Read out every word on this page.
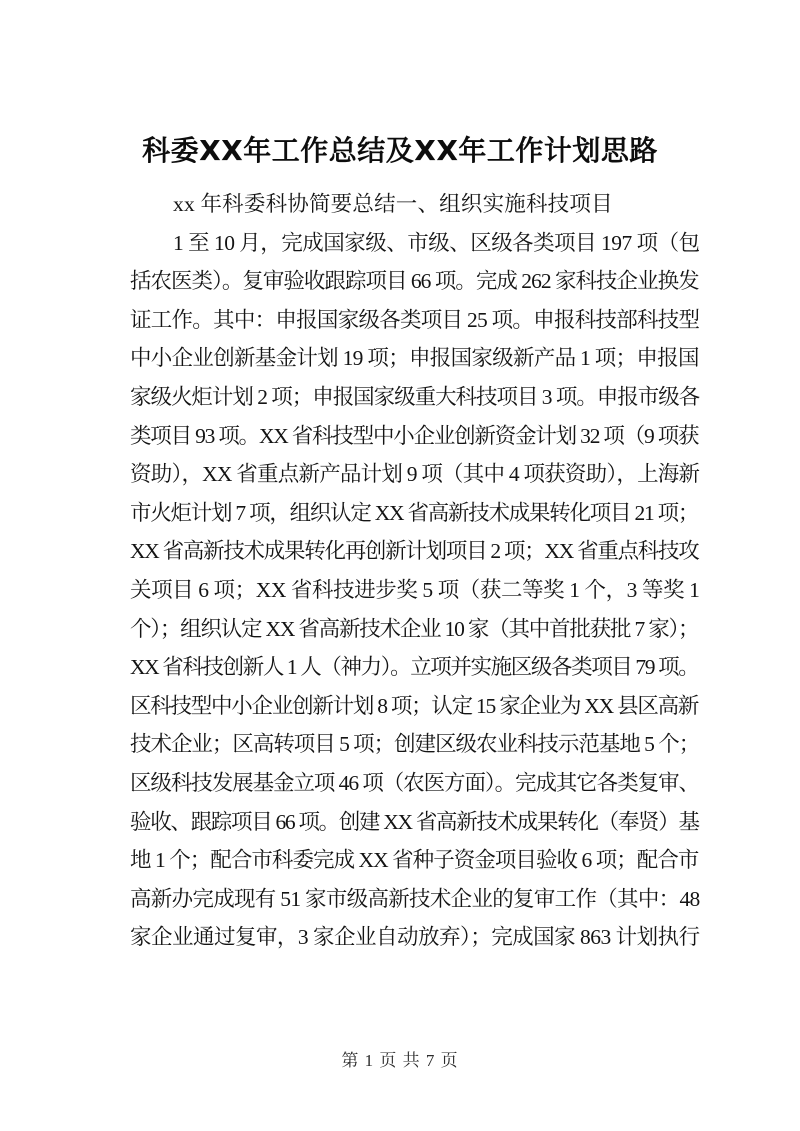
科委XX年工作总结及XX年工作计划思路
xx 年科委科协简要总结一、组织实施科技项目
1 至 10 月，完成国家级、市级、区级各类项目 197 项（包
括农医类）。复审验收跟踪项目 66 项。完成 262 家科技企业换发
证工作。其中：申报国家级各类项目 25 项。申报科技部科技型
中小企业创新基金计划 19 项；申报国家级新产品 1 项；申报国
家级火炬计划 2 项；申报国家级重大科技项目 3 项。申报市级各
类项目 93 项。XX 省科技型中小企业创新资金计划 32 项（9 项获
资助），XX 省重点新产品计划 9 项（其中 4 项获资助），上海新
市火炬计划 7 项，组织认定 XX 省高新技术成果转化项目 21 项；
XX 省高新技术成果转化再创新计划项目 2 项；XX 省重点科技攻
关项目 6 项；XX 省科技进步奖 5 项（获二等奖 1 个，3 等奖 1
个）；组织认定 XX 省高新技术企业 10 家（其中首批获批 7 家）；
XX 省科技创新人 1 人（神力）。立项并实施区级各类项目 79 项。
区科技型中小企业创新计划 8 项；认定 15 家企业为 XX 县区高新
技术企业；区高转项目 5 项；创建区级农业科技示范基地 5 个；
区级科技发展基金立项 46 项（农医方面）。完成其它各类复审、
验收、跟踪项目 66 项。创建 XX 省高新技术成果转化（奉贤）基
地 1 个；配合市科委完成 XX 省种子资金项目验收 6 项；配合市
高新办完成现有 51 家市级高新技术企业的复审工作（其中：48
家企业通过复审，3 家企业自动放弃）；完成国家 863 计划执行
第 1 页 共 7 页
